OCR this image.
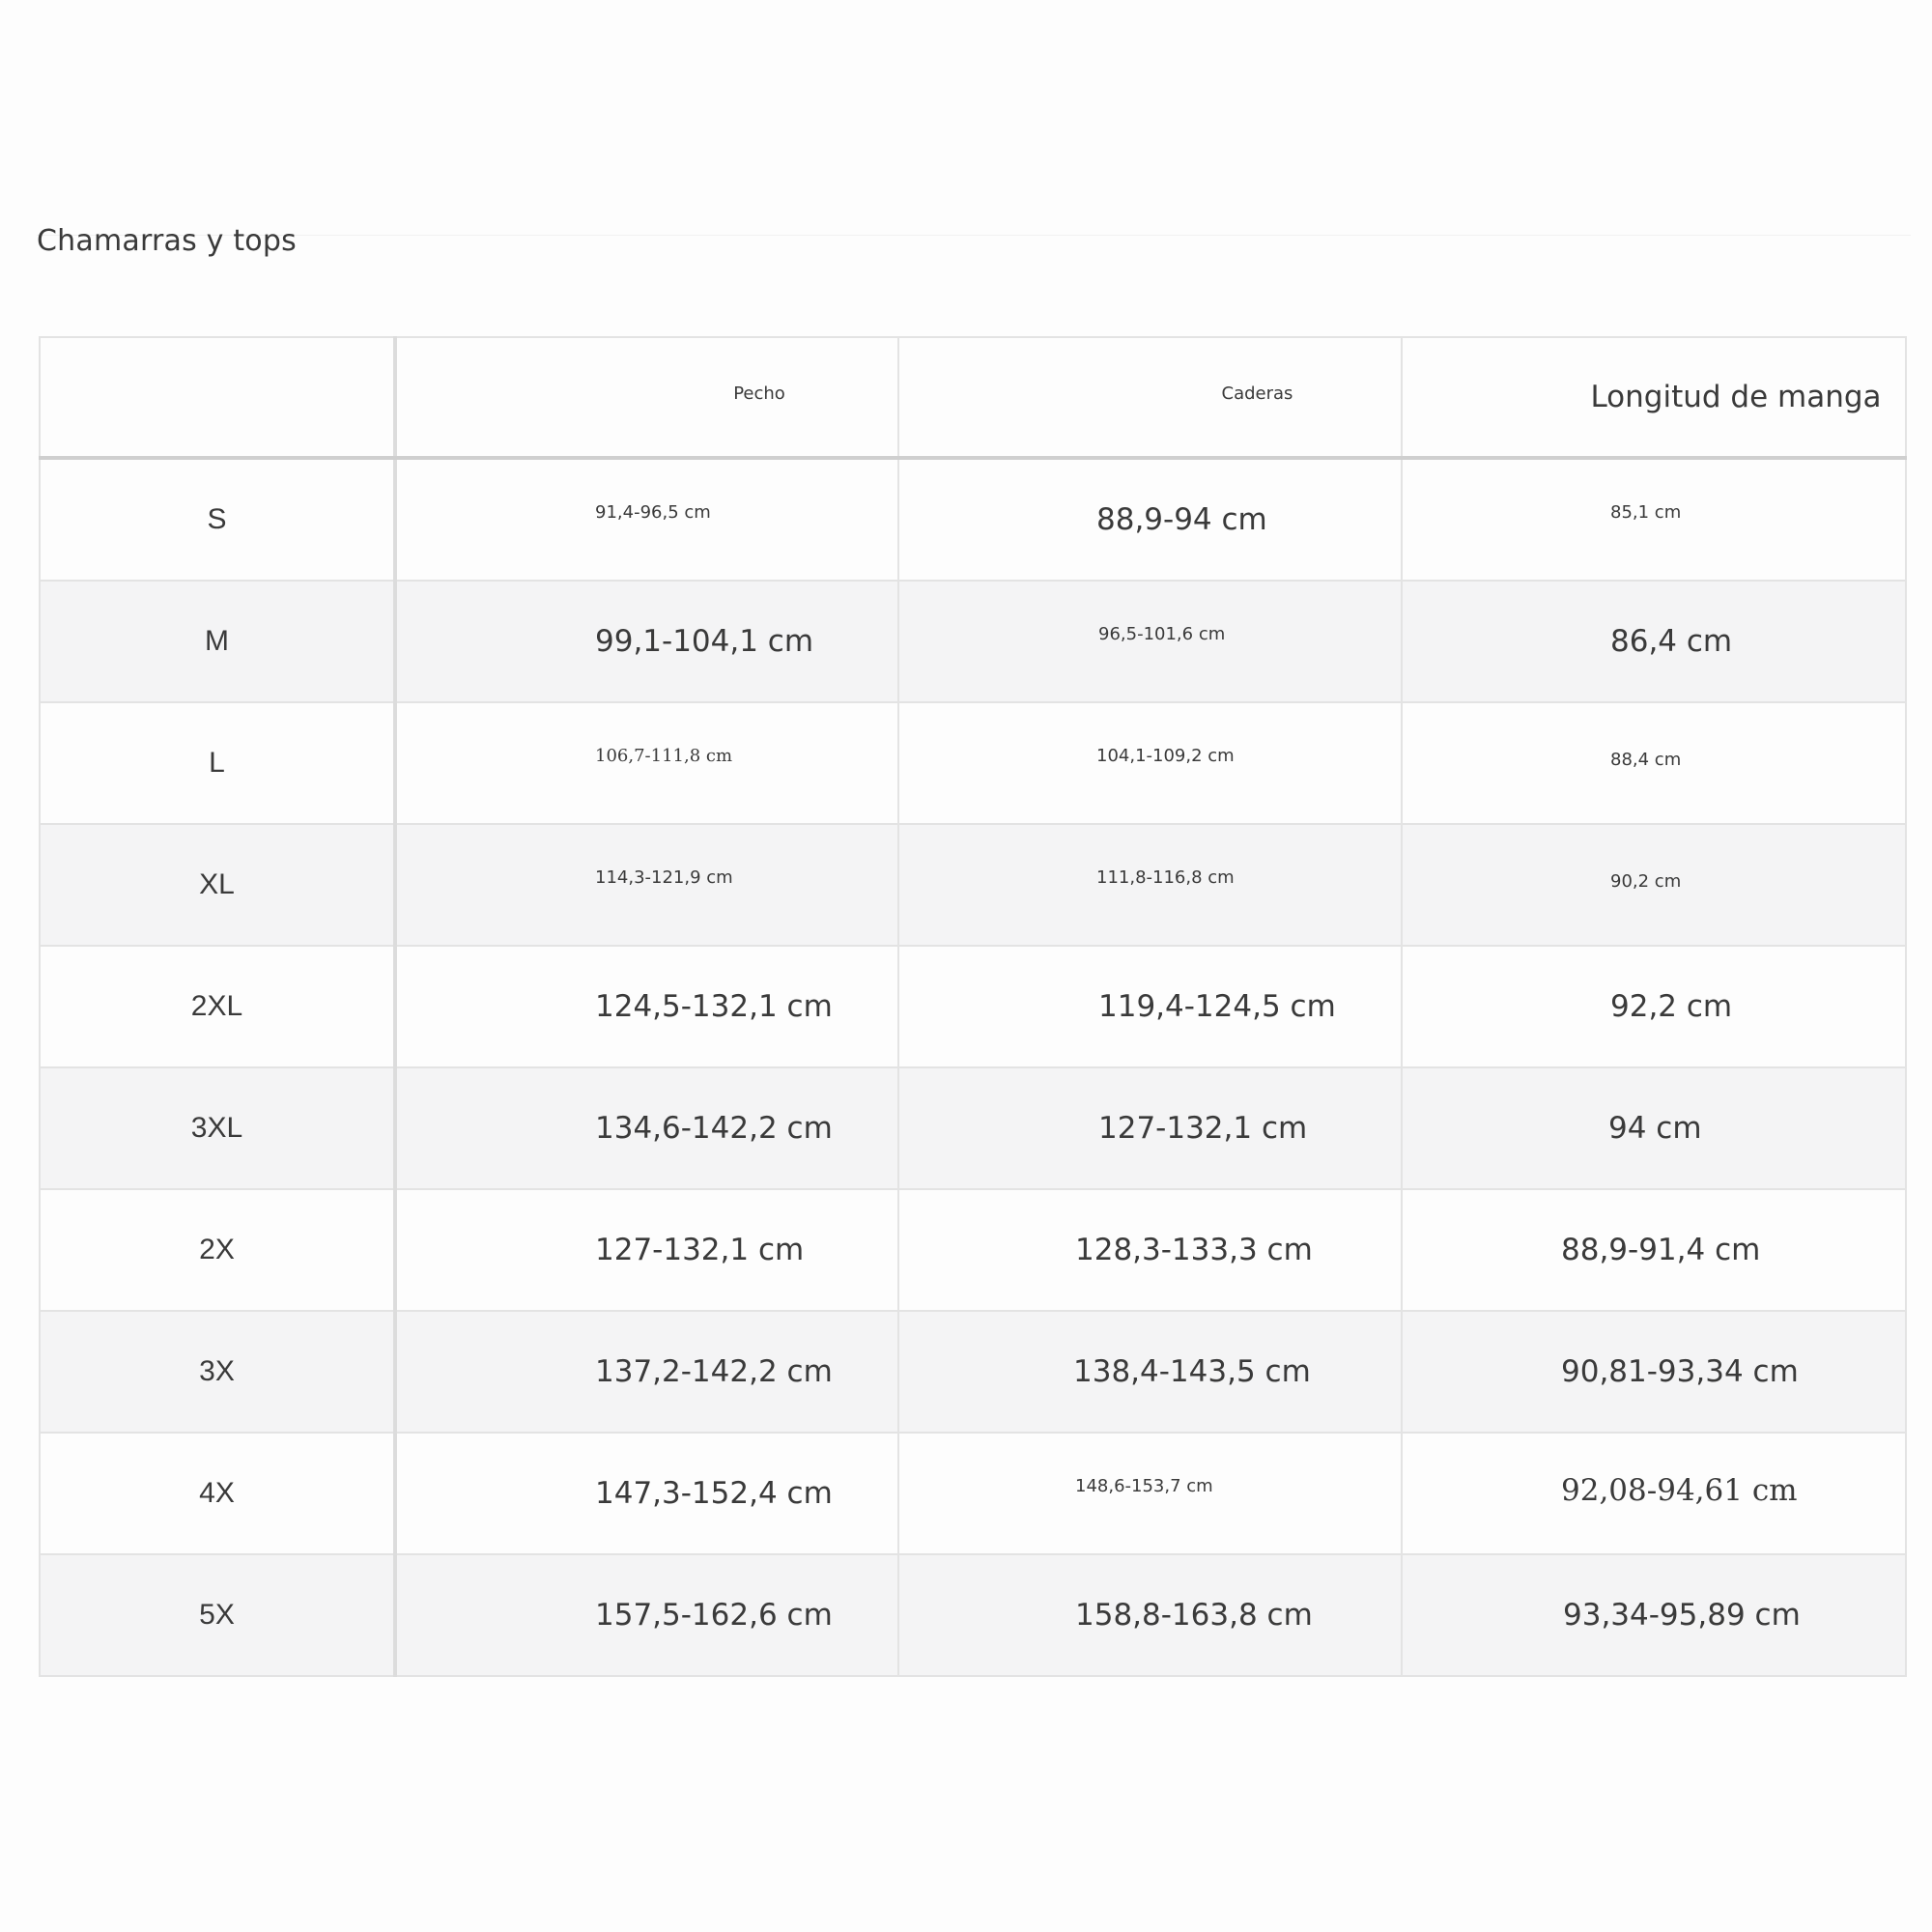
Chamarras y tops

	Pecho	Caderas	Longitud de manga

S	91,4-96,5 cm	88,9-94 cm	85,1 cm

M	99,1-104,1 cm	96,5-101,6 cm	86,4 cm

L	106,7-111,8 cm	104,1-109,2 cm	88,4 cm

XL	114,3-121,9 cm	111,8-116,8 cm	90,2 cm

2XL	124,5-132,1 cm	119,4-124,5 cm	92,2 cm

3XL	134,6-142,2 cm	127-132,1 cm	94 cm

2X	127-132,1 cm	128,3-133,3 cm	88,9-91,4 cm

3X	137,2-142,2 cm	138,4-143,5 cm	90,81-93,34 cm

4X	147,3-152,4 cm	148,6-153,7 cm	92,08-94,61 cm

5X	157,5-162,6 cm	158,8-163,8 cm	93,34-95,89 cm
